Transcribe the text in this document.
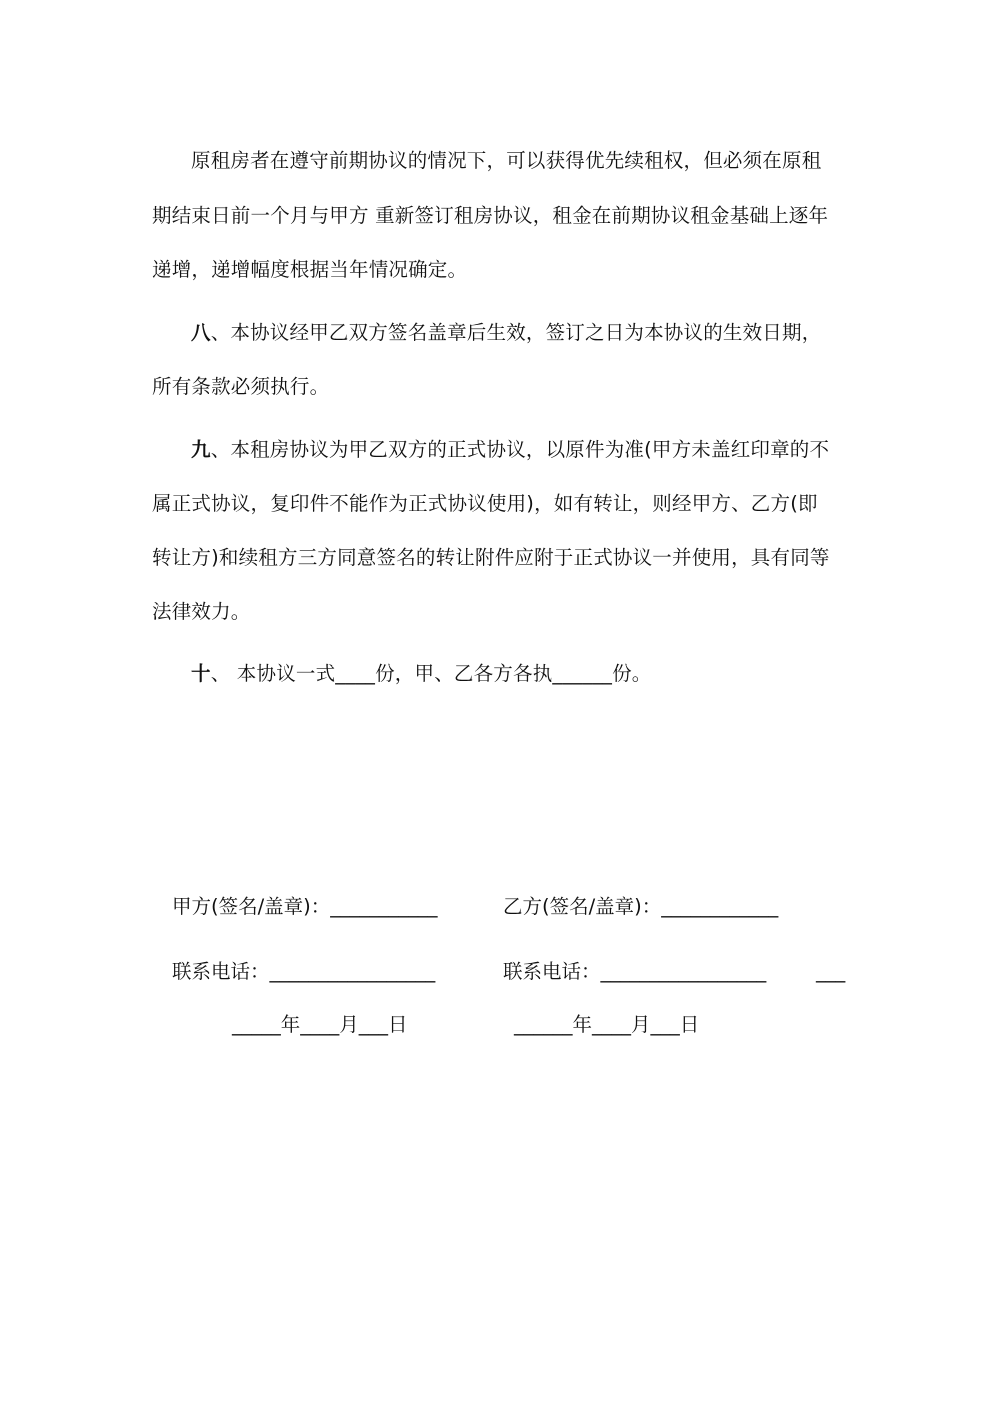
原租房者在遵守前期协议的情况下，可以获得优先续租权，但必须在原租
期结束日前一个月与甲方 重新签订租房协议，租金在前期协议租金基础上逐年
递增，递增幅度根据当年情况确定。
八、本协议经甲乙双方签名盖章后生效，签订之日为本协议的生效日期，
所有条款必须执行。
九、本租房协议为甲乙双方的正式协议，以原件为准(甲方未盖红印章的不
属正式协议，复印件不能作为正式协议使用)，如有转让，则经甲方、乙方(即
转让方)和续租方三方同意签名的转让附件应附于正式协议一并使用，具有同等
法律效力。
十、 本协议一式____份，甲、乙各方各执______份。
甲方(签名/盖章)：___________	乙方(签名/盖章)：____________
联系电话：_________________	联系电话：_________________	___
_____年____月___日	______年____月___日
